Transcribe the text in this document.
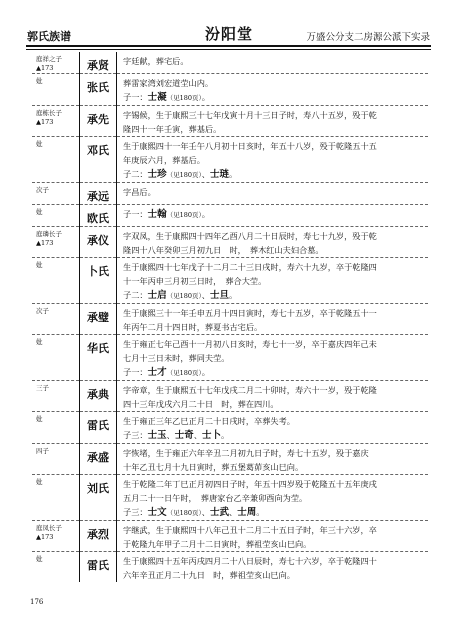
郭氏族谱	汾阳堂	万盛公分支二房源公派下实录
庭祥之子
▲173	承贤	字廷献，葬宅后。

妣	张氏	葬雷家湾刘宏道茔山内。
子一：士凝（见180页）。

庭栋长子
▲173	承先	字锡候，生于康熙三十七年戊寅十月十三日子时，寿八十五岁，殁于乾
隆四十一年壬寅，葬基后。

妣	邓氏	生于康熙四十一年壬午八月初十日亥时，年五十八岁，殁于乾隆五十五
年庚辰六月，葬基后。
子二：士珍（见180页）、士琏。

次子	承远	字昌后。

妣	欧氏	子一：士翰（见180页）。

庭璘长子
▲173	承仪	字双凤，生于康熙四十四年乙酉八月二十日辰时，寿七十九岁，殁于乾
隆四十八年癸卯三月初九日　时，　葬木红山夫妇合墓。

妣	卜氏	生于康熙四十七年戊子十二月二十三日戌时，寿六十九岁，卒于乾隆四
十一年丙申三月初三日时，　葬合大茔。
子二：士启（见180页）、士旦。

次子	承璧	生于康熙三十一年壬申五月十四日寅时，寿七十五岁，卒于乾隆五十一
年丙午二月十四日时，葬夏书古宅后。

妣	华氏	生于雍正七年己酉十一月初八日亥时，寿七十一岁，卒于嘉庆四年己未
七月十三日未时，葬同夫茔。
子一：士才（见180页）。

三子	承典	字帝章，生于康熙五十七年戊戌二月二十卯时，寿六十一岁，殁于乾隆
四十三年戊戌六月二十日　时，葬在四川。

妣	雷氏	生于雍正三年乙巳正月二十日戌时，卒葬失考。
子三：士玉、士奇、士卜。

四子	承盛	字恢堵，生于雍正六年辛丑二月初九日子时，寿七十五岁，殁于嘉庆
十年乙丑七月十九日寅时，葬五堡葛茆亥山巳向。

妣	刘氏	生于乾隆二年丁巳正月初四日子时，年五十四岁殁于乾隆五十五年庚戌
五月二十一日午时，　葬唐家台乙辛兼卯酉向为茔。
子三：士文（见180页）、士武、士周。

庭凤长子
▲173	承烈	字继武，生于康熙四十八年己丑十二月二十五日子时，年三十六岁，卒
于乾隆九年甲子二月十二日寅时，葬祖茔亥山巳向。

妣	雷氏	生于康熙四十五年丙戌四月二十八日辰时，寿七十六岁，卒于乾隆四十
六年辛丑正月二十九日　时，葬祖茔亥山巳向。
176
